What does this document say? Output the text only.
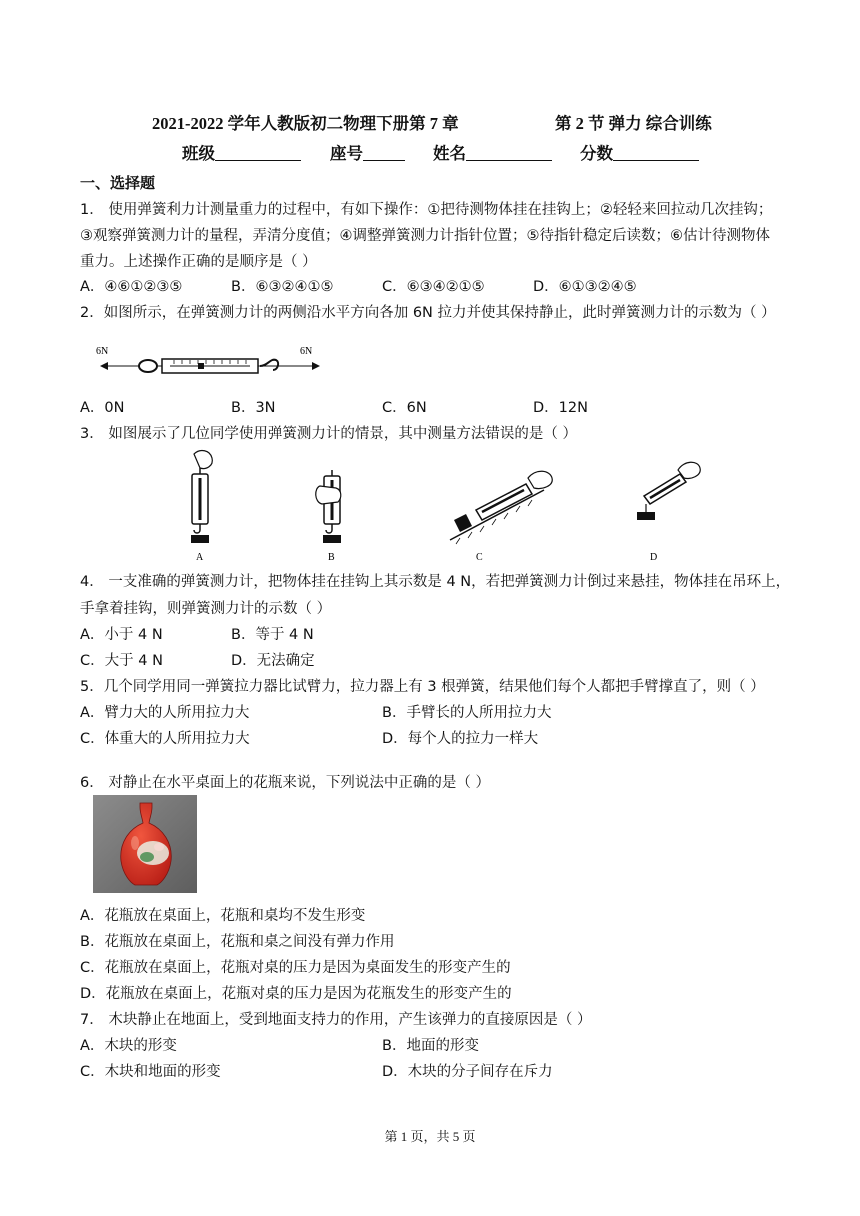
2021-2022 学年人教版初二物理下册第 7 章	第 2 节 弹力 综合训练
班级	座号	姓名	分数
一、选择题
1． 使用弹簧利力计测量重力的过程中，有如下操作：①把待测物体挂在挂钩上；②轻轻来回拉动几次挂钩；
③观察弹簧测力计的量程，弄清分度值；④调整弹簧测力计指针位置；⑤待指针稳定后读数；⑥估计待测物体
重力。上述操作正确的是顺序是（ ）
A．④⑥①②③⑤	B．⑥③②④①⑤	C．⑥③④②①⑤	D．⑥①③②④⑤
2．如图所示，在弹簧测力计的两侧沿水平方向各加 6N 拉力并使其保持静止，此时弹簧测力计的示数为（ ）
6N	6N
A．0N	B．3N	C．6N	D．12N
3． 如图展示了几位同学使用弹簧测力计的情景，其中测量方法错误的是（ ）
A	B	C	D
4． 一支准确的弹簧测力计，把物体挂在挂钩上其示数是 4 N，若把弹簧测力计倒过来悬挂，物体挂在吊环上，
手拿着挂钩，则弹簧测力计的示数（ ）
A．小于 4 N	B．等于 4 N
C．大于 4 N	D．无法确定
5．几个同学用同一弹簧拉力器比试臂力，拉力器上有 3 根弹簧，结果他们每个人都把手臂撑直了，则（ ）
A．臂力大的人所用拉力大	B．手臂长的人所用拉力大
C．体重大的人所用拉力大	D．每个人的拉力一样大
6． 对静止在水平桌面上的花瓶来说，下列说法中正确的是（ ）
A．花瓶放在桌面上，花瓶和桌均不发生形变
B．花瓶放在桌面上，花瓶和桌之间没有弹力作用
C．花瓶放在桌面上，花瓶对桌的压力是因为桌面发生的形变产生的
D．花瓶放在桌面上，花瓶对桌的压力是因为花瓶发生的形变产生的
7． 木块静止在地面上，受到地面支持力的作用，产生该弹力的直接原因是（ ）
A．木块的形变	B．地面的形变
C．木块和地面的形变	D．木块的分子间存在斥力
第 1 页，共 5 页
